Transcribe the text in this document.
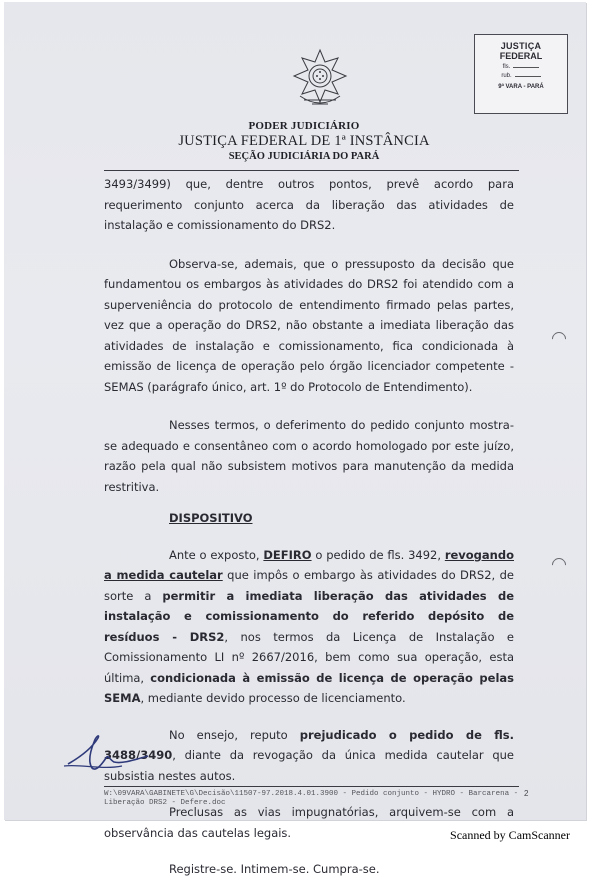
JUSTIÇA
FEDERAL
fls.
rub.
9ª VARA - PARÁ
PODER JUDICIÁRIO
JUSTIÇA FEDERAL DE 1ª INSTÂNCIA
SEÇÃO JUDICIÁRIA DO PARÁ

3493/3499) que, dentre outros pontos, prevê acordo para requerimento conjunto acerca da liberação das atividades de instalação e comissionamento do DRS2.

Observa-se, ademais, que o pressuposto da decisão que fundamentou os embargos às atividades do DRS2 foi atendido com a superveniência do protocolo de entendimento firmado pelas partes, vez que a operação do DRS2, não obstante a imediata liberação das atividades de instalação e comissionamento, fica condicionada à emissão de licença de operação pelo órgão licenciador competente - SEMAS (parágrafo único, art. 1º do Protocolo de Entendimento).

Nesses termos, o deferimento do pedido conjunto mostra-se adequado e consentâneo com o acordo homologado por este juízo, razão pela qual não subsistem motivos para manutenção da medida restritiva.

DISPOSITIVO

Ante o exposto, DEFIRO o pedido de fls. 3492, revogando a medida cautelar que impôs o embargo às atividades do DRS2, de sorte a permitir a imediata liberação das atividades de instalação e comissionamento do referido depósito de resíduos - DRS2, nos termos da Licença de Instalação e Comissionamento LI nº 2667/2016, bem como sua operação, esta última, condicionada à emissão de licença de operação pelas SEMA, mediante devido processo de licenciamento.

No ensejo, reputo prejudicado o pedido de fls. 3488/3490, diante da revogação da única medida cautelar que subsistia nestes autos.

Preclusas as vias impugnatórias, arquivem-se com a observância das cautelas legais.

Registre-se. Intimem-se. Cumpra-se.

W:\09VARA\GABINETE\G\Decisão\11507-97.2018.4.01.3900 - Pedido conjunto - HYDRO - Barcarena - Liberação DRS2 - Defere.doc
2
Scanned by CamScanner
